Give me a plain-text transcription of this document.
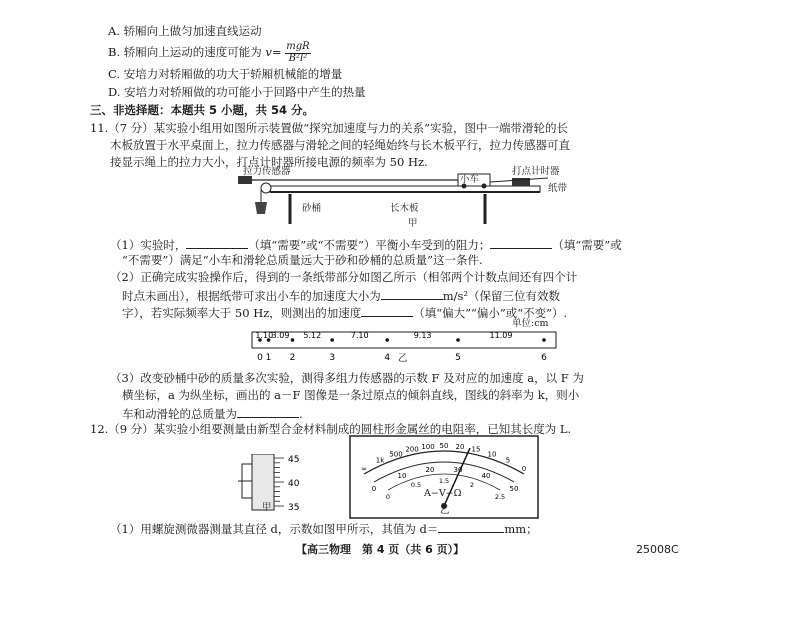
A. 轿厢向上做匀加速直线运动
B. 轿厢向上运动的速度可能为 $v= \frac{\text{mgR}}{\text{B²l²}}$
C. 安培力对轿厢做的功大于轿厢机械能的增量
D. 安培力对轿厢做的功可能小于回路中产生的热量
三、非选择题：本题共 5 小题，共 54 分。
11.（7 分）某实验小组用如图所示装置做“探究加速度与力的关系”实验，图中一端带滑轮的长
木板放置于水平桌面上，拉力传感器与滑轮之间的轻绳始终与长木板平行，拉力传感器可直
接显示绳上的拉力大小，打点计时器所接电源的频率为 50 Hz.
拉力传感器
小车
打点计时器
纸带
砂桶	长木板
甲
（1）实验时，	（填“需要”或“不需要”）平衡小车受到的阻力；	（填“需要”或
“不需要”）满足“小车和滑轮总质量远大于砂和砂桶的总质量”这一条件.
（2）正确完成实验操作后，得到的一条纸带部分如图乙所示（相邻两个计数点间还有四个计
时点未画出），根据纸带可求出小车的加速度大小为	m/s²（保留三位有效数
字），若实际频率大于 50 Hz，则测出的加速度	（填“偏大”“偏小”或“不变”）.
单位:cm
0 1 2	3	4	5	6
1.10
3.09 5.12	7.10	9.13	11.09
乙
（3）改变砂桶中砂的质量多次实验，测得多组力传感器的示数 F 及对应的加速度 a，以 F 为
横坐标，a 为纵坐标，画出的 a－F 图像是一条过原点的倾斜直线，图线的斜率为 k，则小
车和动滑轮的总质量为	.
12.（9 分）某实验小组要测量由新型合金材料制成的圆柱形金属丝的电阻率，已知其长度为 L.
45
40
35
甲
∞
1k
500
200 100 50 20 15
10
5
0
0
10
20	30
40
50
0
0.5	1.5	2
2.5
A−V−Ω
乙
（1）用螺旋测微器测量其直径 d，示数如图甲所示，其值为 d＝	mm；
【高三物理　第 4 页（共 6 页）】	25008C
